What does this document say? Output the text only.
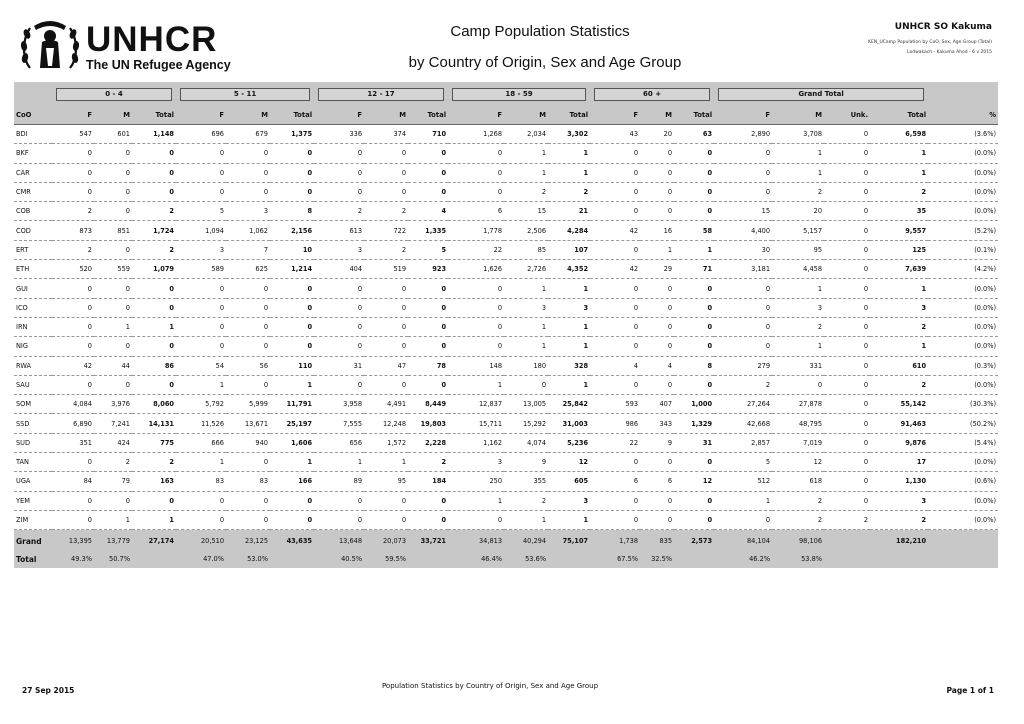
UNHCR
The UN Refugee Agency
Camp Population Statistics
by Country of Origin, Sex and Age Group
UNHCR SO Kakuma
KEN_UCamp Population by CoO, Sex, Age Group (Total)
Lodwakach - Kakuma Ahod - 6 v 2015

	0 - 4			5 - 11			12 - 17			18 - 59			60 +			Grand Total				

CoO	F	M	Total	F	M	Total	F	M	Total	F	M	Total	F	M	Total	F	M	Unk.	Total	%
BDI	547	601	1,148	696	679	1,375	336	374	710	1,268	2,034	3,302	43	20	63	2,890	3,708	0	6,598	(3.6%)
BKF	0	0	0	0	0	0	0	0	0	0	1	1	0	0	0	0	1	0	1	(0.0%)
CAR	0	0	0	0	0	0	0	0	0	0	1	1	0	0	0	0	1	0	1	(0.0%)
CMR	0	0	0	0	0	0	0	0	0	0	2	2	0	0	0	0	2	0	2	(0.0%)
COB	2	0	2	5	3	8	2	2	4	6	15	21	0	0	0	15	20	0	35	(0.0%)
COD	873	851	1,724	1,094	1,062	2,156	613	722	1,335	1,778	2,506	4,284	42	16	58	4,400	5,157	0	9,557	(5.2%)
ERT	2	0	2	3	7	10	3	2	5	22	85	107	0	1	1	30	95	0	125	(0.1%)
ETH	520	559	1,079	589	625	1,214	404	519	923	1,626	2,726	4,352	42	29	71	3,181	4,458	0	7,639	(4.2%)
GUI	0	0	0	0	0	0	0	0	0	0	1	1	0	0	0	0	1	0	1	(0.0%)
ICO	0	0	0	0	0	0	0	0	0	0	3	3	0	0	0	0	3	0	3	(0.0%)
IRN	0	1	1	0	0	0	0	0	0	0	1	1	0	0	0	0	2	0	2	(0.0%)
NIG	0	0	0	0	0	0	0	0	0	0	1	1	0	0	0	0	1	0	1	(0.0%)
RWA	42	44	86	54	56	110	31	47	78	148	180	328	4	4	8	279	331	0	610	(0.3%)
SAU	0	0	0	1	0	1	0	0	0	1	0	1	0	0	0	2	0	0	2	(0.0%)
SOM	4,084	3,976	8,060	5,792	5,999	11,791	3,958	4,491	8,449	12,837	13,005	25,842	593	407	1,000	27,264	27,878	0	55,142	(30.3%)
SSD	6,890	7,241	14,131	11,526	13,671	25,197	7,555	12,248	19,803	15,711	15,292	31,003	986	343	1,329	42,668	48,795	0	91,463	(50.2%)
SUD	351	424	775	666	940	1,606	656	1,572	2,228	1,162	4,074	5,236	22	9	31	2,857	7,019	0	9,876	(5.4%)
TAN	0	2	2	1	0	1	1	1	2	3	9	12	0	0	0	5	12	0	17	(0.0%)
UGA	84	79	163	83	83	166	89	95	184	250	355	605	6	6	12	512	618	0	1,130	(0.6%)
YEM	0	0	0	0	0	0	0	0	0	1	2	3	0	0	0	1	2	0	3	(0.0%)
ZIM	0	1	1	0	0	0	0	0	0	0	1	1	0	0	0	0	2	2	2	(0.0%)
Grand	13,395	13,779	27,174	20,510	23,125	43,635	13,648	20,073	33,721	34,813	40,294	75,107	1,738	835	2,573	84,104	98,106		182,210	
Total	49.3%	50.7%		47.0%	53.0%		40.5%	59.5%		46.4%	53.6%		67.5%	32.5%		46.2%	53.8%			
27 Sep 2015	Population Statistics by Country of Origin, Sex and Age Group	Page 1 of 1
